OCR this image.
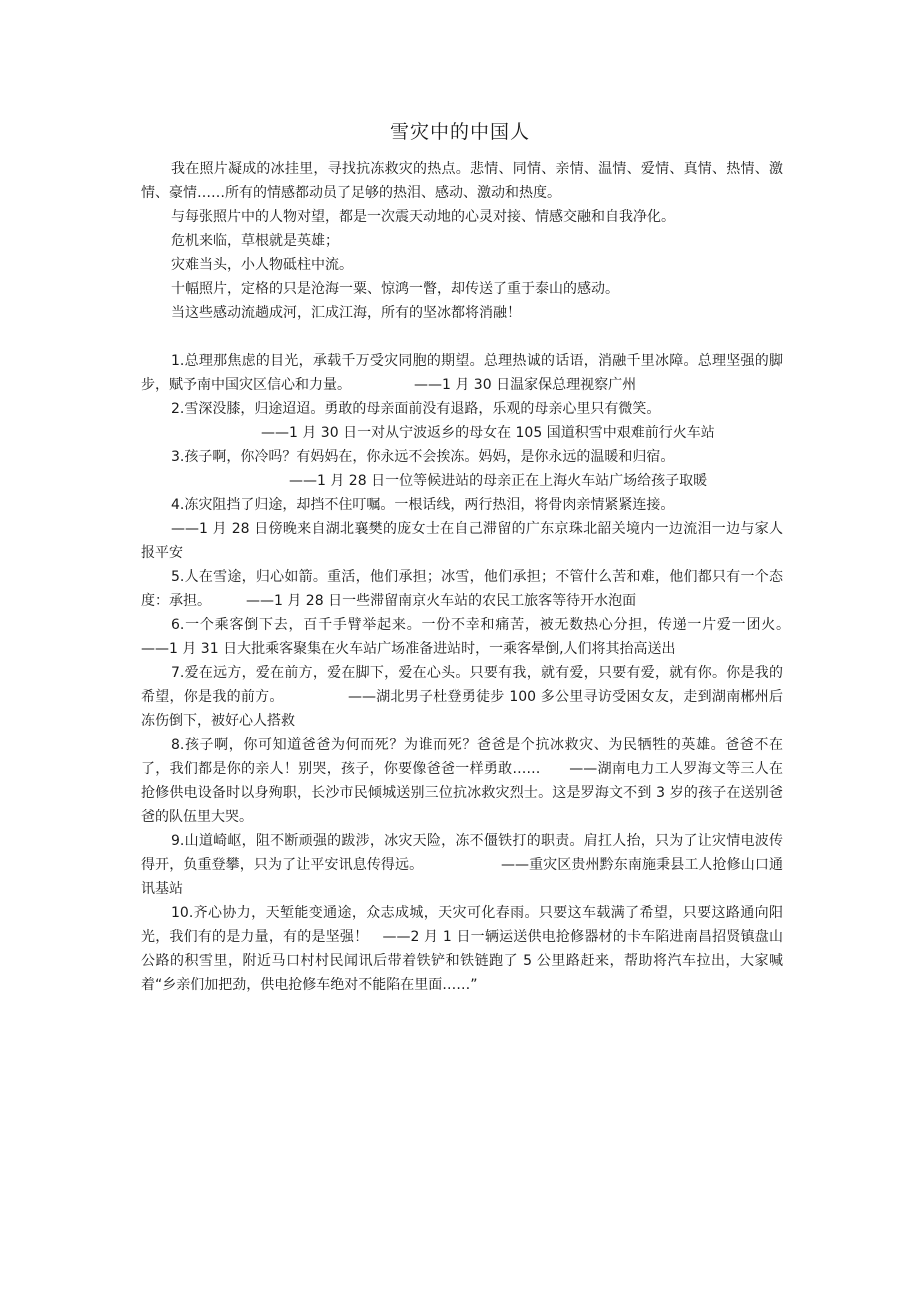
雪灾中的中国人

我在照片凝成的冰挂里，寻找抗冻救灾的热点。悲情、同情、亲情、温情、爱情、真情、热情、激情、豪情……所有的情感都动员了足够的热泪、感动、激动和热度。

与每张照片中的人物对望，都是一次震天动地的心灵对接、情感交融和自我净化。

危机来临，草根就是英雄；

灾难当头，小人物砥柱中流。

十幅照片，定格的只是沧海一粟、惊鸿一瞥，却传送了重于泰山的感动。

当这些感动流趟成河，汇成江海，所有的坚冰都将消融！

1.总理那焦虑的目光，承载千万受灾同胞的期望。总理热诚的话语，消融千里冰障。总理坚强的脚步，赋予南中国灾区信心和力量。　　　　　——1 月 30 日温家保总理视察广州

2.雪深没膝，归途迢迢。勇敢的母亲面前没有退路，乐观的母亲心里只有微笑。

——1 月 30 日一对从宁波返乡的母女在 105 国道积雪中艰难前行火车站

3.孩子啊，你冷吗？有妈妈在，你永远不会挨冻。妈妈，是你永远的温暖和归宿。

——1 月 28 日一位等候进站的母亲正在上海火车站广场给孩子取暖

4.冻灾阻挡了归途，却挡不住叮嘱。一根话线，两行热泪，将骨肉亲情紧紧连接。

——1 月 28 日傍晚来自湖北襄樊的庞女士在自己滞留的广东京珠北韶关境内一边流泪一边与家人报平安

5.人在雪途，归心如箭。重活，他们承担；冰雪，他们承担；不管什么苦和难，他们都只有一个态度：承担。　　　——1 月 28 日一些滞留南京火车站的农民工旅客等待开水泡面

6.一个乘客倒下去，百千手臂举起来。一份不幸和痛苦，被无数热心分担，传递一片爱一团火。　　　　——1 月 31 日大批乘客聚集在火车站广场准备进站时，一乘客晕倒,人们将其抬高送出

7.爱在远方，爱在前方，爱在脚下，爱在心头。只要有我，就有爱，只要有爱，就有你。你是我的希望，你是我的前方。　　　　　——湖北男子杜登勇徒步 100 多公里寻访受困女友，走到湖南郴州后冻伤倒下，被好心人搭救

8.孩子啊，你可知道爸爸为何而死？为谁而死？爸爸是个抗冰救灾、为民牺牲的英雄。爸爸不在了，我们都是你的亲人！别哭，孩子，你要像爸爸一样勇敢……　　——湖南电力工人罗海文等三人在抢修供电设备时以身殉职，长沙市民倾城送别三位抗冰救灾烈士。这是罗海文不到 3 岁的孩子在送别爸爸的队伍里大哭。

9.山道崎岖，阻不断顽强的跋涉，冰灾天险，冻不僵铁打的职责。肩扛人抬，只为了让灾情电波传得开，负重登攀，只为了让平安讯息传得远。　　　　　　——重灾区贵州黔东南施秉县工人抢修山口通讯基站

10.齐心协力，天堑能变通途，众志成城，天灾可化春雨。只要这车载满了希望，只要这路通向阳光，我们有的是力量，有的是坚强！　——2 月 1 日一辆运送供电抢修器材的卡车陷进南昌招贤镇盘山公路的积雪里，附近马口村村民闻讯后带着铁铲和铁链跑了 5 公里路赶来，帮助将汽车拉出，大家喊着“乡亲们加把劲，供电抢修车绝对不能陷在里面……”
